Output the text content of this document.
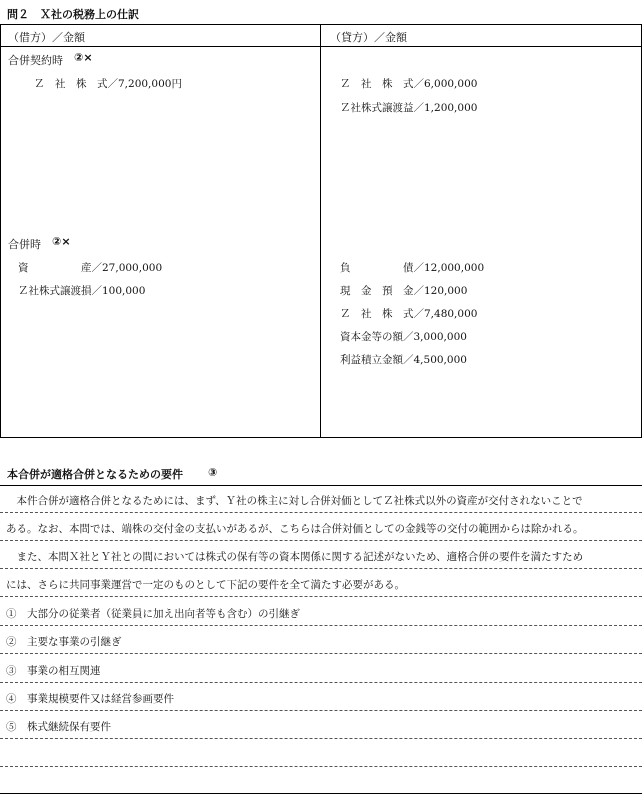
問２　Ｘ社の税務上の仕訳
（借方）／金額	（貸方）／金額
合併契約時 ②×
Ｚ　社　株　式／7,200,000円	Ｚ　社　株　式／6,000,000
Ｚ社株式譲渡益／1,200,000
合併時 ②×
資　　　　　産／27,000,000
Ｚ社株式譲渡損／100,000
負　　　　　債／12,000,000
現　金　預　金／120,000
Ｚ　社　株　式／7,480,000
資本金等の額／3,000,000
利益積立金額／4,500,000
本合併が適格合併となるための要件 ③
　本件合併が適格合併となるためには、まず、Ｙ社の株主に対し合併対価としてＺ社株式以外の資産が交付されないことで
ある。なお、本問では、端株の交付金の支払いがあるが、こちらは合併対価としての金銭等の交付の範囲からは除かれる。
　また、本問Ｘ社とＹ社との間においては株式の保有等の資本関係に関する記述がないため、適格合併の要件を満たすため
には、さらに共同事業運営で一定のものとして下記の要件を全て満たす必要がある。
①　大部分の従業者（従業員に加え出向者等も含む）の引継ぎ
②　主要な事業の引継ぎ
③　事業の相互関連
④　事業規模要件又は経営参画要件
⑤　株式継続保有要件
